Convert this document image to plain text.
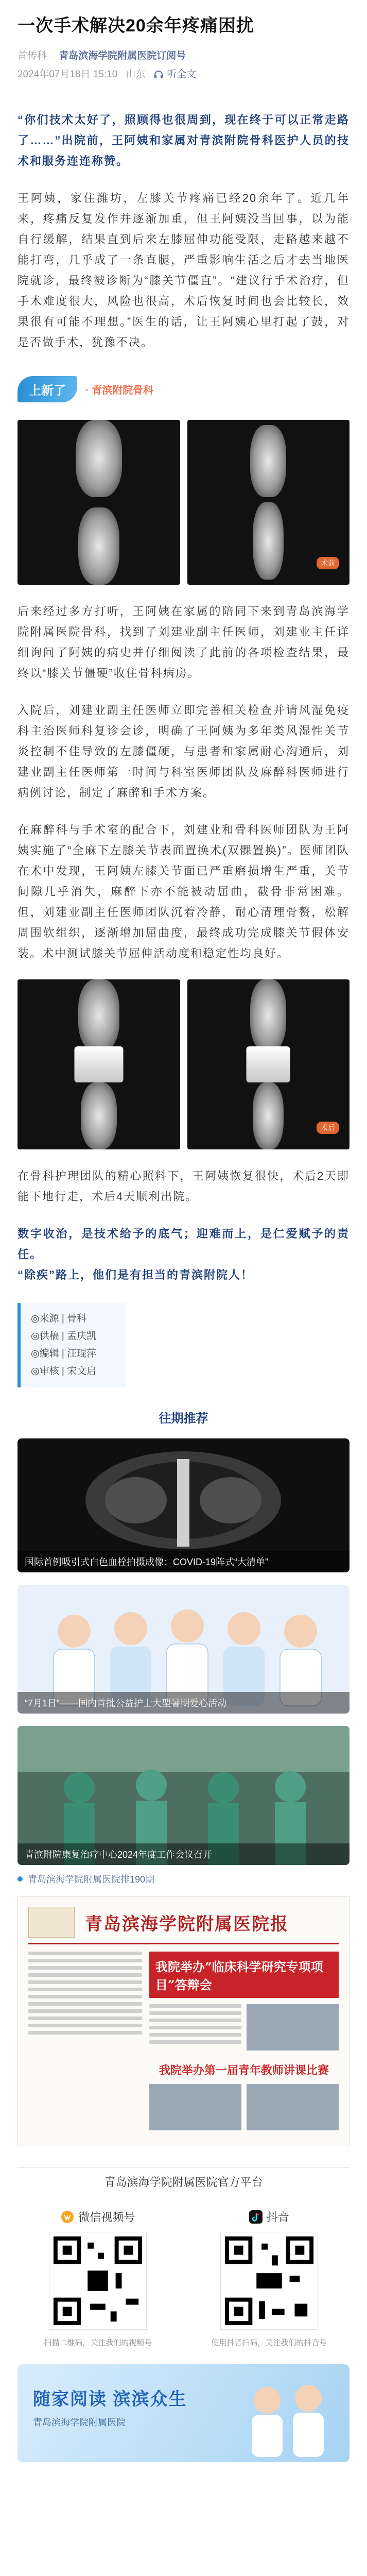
一次手术解决20余年疼痛困扰
首传科 青岛滨海学院附属医院订阅号
2024年07月18日 15:10 山东 听全文

“你们技术太好了，照顾得也很周到，现在终于可以正常走路了……”出院前，王阿姨和家属对青滨附院骨科医护人员的技术和服务连连称赞。

王阿姨，家住潍坊，左膝关节疼痛已经20余年了。近几年来，疼痛反复发作并逐渐加重，但王阿姨没当回事，以为能自行缓解，结果直到后来左膝屈伸功能受限，走路越来越不能打弯，几乎成了一条直腿，严重影响生活之后才去当地医院就诊，最终被诊断为“膝关节僵直”。“建议行手术治疗，但手术难度很大，风险也很高，术后恢复时间也会比较长，效果很有可能不理想。”医生的话，让王阿姨心里打起了鼓，对是否做手术，犹豫不决。

上新了	· 青滨附院骨科
术前

后来经过多方打听，王阿姨在家属的陪同下来到青岛滨海学院附属医院骨科，找到了刘建业副主任医师，刘建业主任详细询问了阿姨的病史并仔细阅读了此前的各项检查结果，最终以“膝关节僵硬”收住骨科病房。

入院后，刘建业副主任医师立即完善相关检查并请风湿免疫科主治医师科复诊会诊，明确了王阿姨为多年类风湿性关节炎控制不佳导致的左膝僵硬，与患者和家属耐心沟通后，刘建业副主任医师第一时间与科室医师团队及麻醉科医师进行病例讨论，制定了麻醉和手术方案。

在麻醉科与手术室的配合下，刘建业和骨科医师团队为王阿姨实施了“全麻下左膝关节表面置换术(双髁置换)”。医师团队在术中发现，王阿姨左膝关节面已严重磨损增生严重，关节间隙几乎消失，麻醉下亦不能被动屈曲，截骨非常困难。但，刘建业副主任医师团队沉着冷静，耐心清理骨赘，松解周围软组织，逐渐增加屈曲度，最终成功完成膝关节假体安装。术中测试膝关节屈伸活动度和稳定性均良好。

术后

在骨科护理团队的精心照料下，王阿姨恢复很快，术后2天即能下地行走，术后4天顺利出院。

数字收治，是技术给予的底气；迎难而上，是仁爱赋予的责任。

“除疾”路上，他们是有担当的青滨附院人！

◎来源 | 骨科
◎供稿 | 孟庆凯
◎编辑 | 汪琨萍
◎审核 | 宋文启
往期推荐
国际首例吸引式白色血栓拍摄成像：COVID-19阵式“大清单”
“7月1日”——国内首批公益护士大型暑期爱心活动
青滨附院康复治疗中心2024年度工作会议召开
青岛滨海学院附属医院排190期
青岛滨海学院附属医院报
我院举办“临床科学研究专项项目”答辩会
我院举办第一届青年教师讲课比赛
青岛滨海学院附属医院官方平台
微信视频号
扫描二维码，关注我们的视频号
抖音
使用抖音扫码，关注我们的抖音号
随家阅读 滨滨众生
青岛滨海学院附属医院
